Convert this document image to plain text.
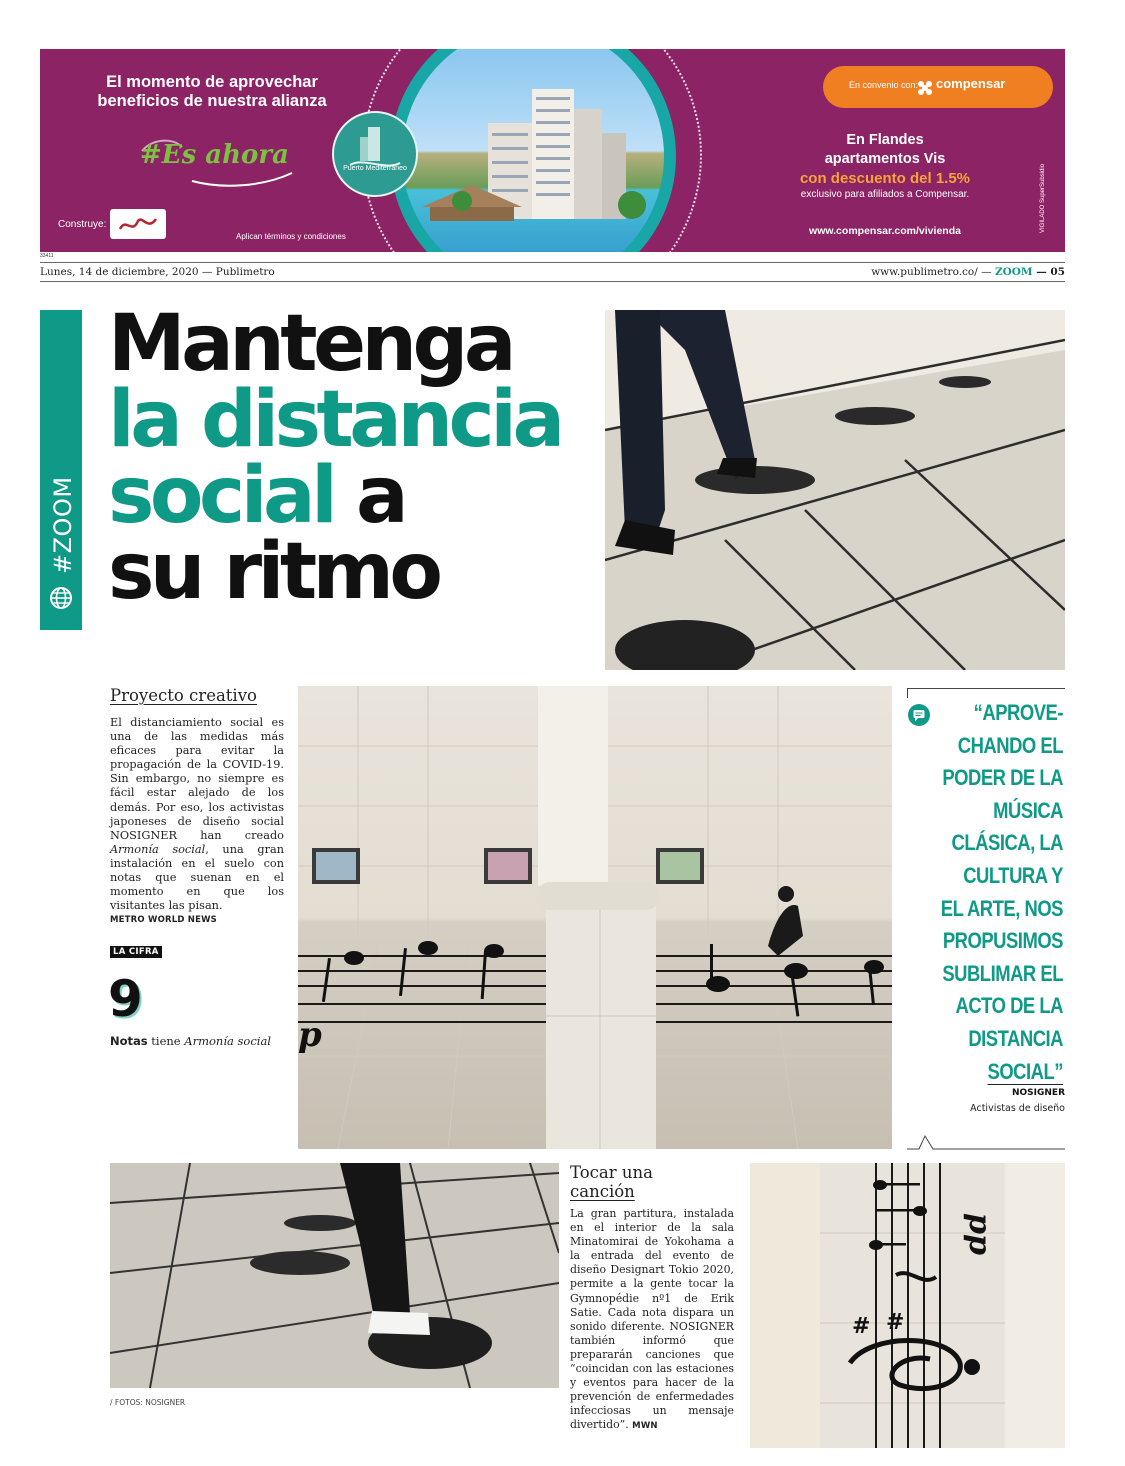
El momento de aprovechar
beneficios de nuestra alianza
#Es ahora
Construye:
Aplican términos y condiciones
Puerto Mediterráneo
En convenio con: compensar
En Flandes
apartamentos Vis
con descuento del 1.5%
exclusivo para afiliados a Compensar.
www.compensar.com/vivienda	VIGILADO SuperSubsidio
33411
Lunes, 14 de diciembre, 2020 — Publimetro	www.publimetro.co/ — ZOOM — 05
#ZOOM
Mantenga
la distancia
social a
su ritmo
Proyecto creativo
El distanciamiento social es una de las medidas más eficaces para evitar la propagación de la COVID-19. Sin embargo, no siempre es fácil estar alejado de los demás. Por eso, los activistas japoneses de diseño social NOSIGNER han creado Armonía social, una gran instalación en el suelo con notas que suenan en el momento en que los visitantes las pisan.
METRO WORLD NEWS
LA CIFRA
9
Notas tiene Armonía social p
“APROVE-
CHANDO EL
PODER DE LA
MÚSICA
CLÁSICA, LA
CULTURA Y
EL ARTE, NOS
PROPUSIMOS
SUBLIMAR EL
ACTO DE LA
DISTANCIA
SOCIAL”
NOSIGNER
Activistas de diseño
/ FOTOS: NOSIGNER
Tocar una
canción
La gran partitura, instalada en el interior de la sala Minatomirai de Yokohama a la entrada del evento de diseño Designart Tokio 2020, permite a la gente tocar la Gymnopédie nº1 de Erik Satie. Cada nota dispara un sonido diferente. NOSIGNER también informó que prepararán canciones que “coincidan con las estaciones y eventos para hacer de la prevención de enfermedades infecciosas un mensaje divertido”. MWN
# #
pp
